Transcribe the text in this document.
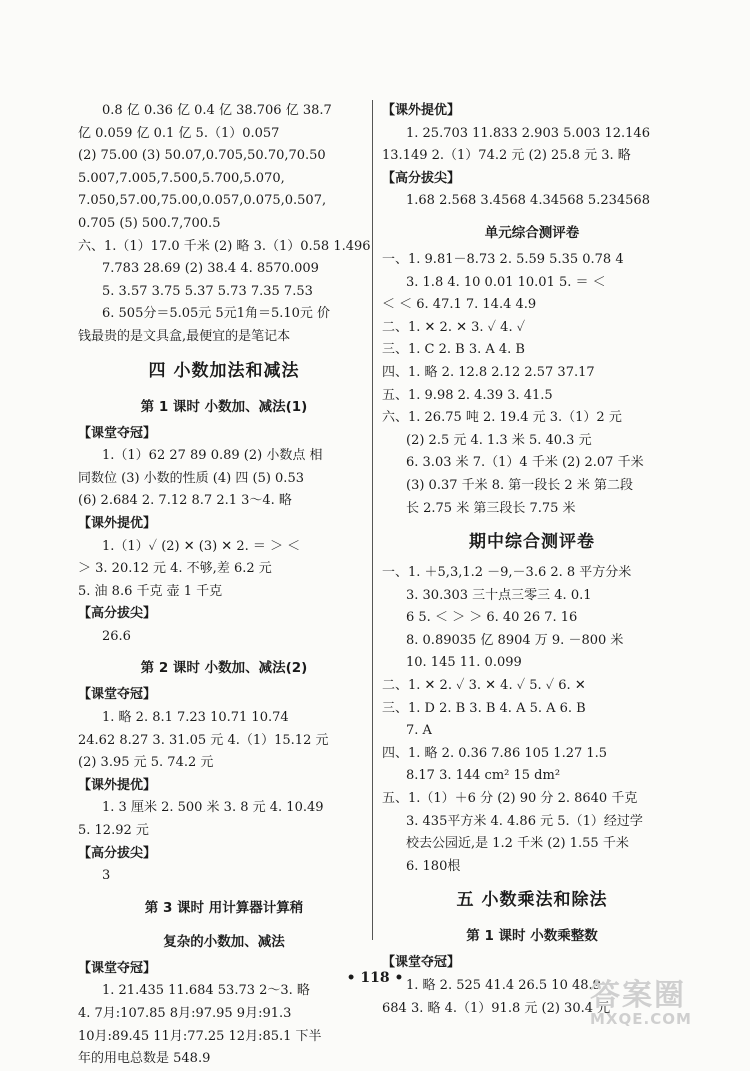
0.8 亿 0.36 亿 0.4 亿 38.706 亿 38.7
亿 0.059 亿 0.1 亿 5.（1）0.057
(2) 75.00 (3) 50.07,0.705,50.70,70.50
5.007,7.005,7.500,5.700,5.070,
7.050,57.00,75.00,0.057,0.075,0.507,
0.705 (5) 500.7,700.5
六、1.（1）17.0 千米 (2) 略 3.（1）0.58 1.496
7.783 28.69 (2) 38.4 4. 8570.009
5. 3.57 3.75 5.37 5.73 7.35 7.53
6. 505分＝5.05元 5元1角＝5.10元 价
钱最贵的是文具盒,最便宜的是笔记本
四 小数加法和减法
第 1 课时 小数加、减法(1)
【课堂夺冠】
1.（1）62 27 89 0.89 (2) 小数点 相
同数位 (3) 小数的性质 (4) 四 (5) 0.53
(6) 2.684 2. 7.12 8.7 2.1 3～4. 略
【课外提优】
1.（1）✓ (2) ✕ (3) ✕ 2. ＝ ＞ ＜
＞ 3. 20.12 元 4. 不够,差 6.2 元
5. 油 8.6 千克 壶 1 千克
【高分拔尖】
26.6
第 2 课时 小数加、减法(2)
【课堂夺冠】
1. 略 2. 8.1 7.23 10.71 10.74
24.62 8.27 3. 31.05 元 4.（1）15.12 元
(2) 3.95 元 5. 74.2 元
【课外提优】
1. 3 厘米 2. 500 米 3. 8 元 4. 10.49
5. 12.92 元
【高分拔尖】
3
第 3 课时 用计算器计算稍
复杂的小数加、减法
【课堂夺冠】
1. 21.435 11.684 53.73 2～3. 略
4. 7月:107.85 8月:97.95 9月:91.3
10月:89.45 11月:77.25 12月:85.1 下半
年的用电总数是 548.9
【课外提优】
1. 25.703 11.833 2.903 5.003 12.146
13.149 2.（1）74.2 元 (2) 25.8 元 3. 略
【高分拔尖】
1.68 2.568 3.4568 4.34568 5.234568
单元综合测评卷
一、1. 9.81－8.73 2. 5.59 5.35 0.78 4
3. 1.8 4. 10 0.01 10.01 5. ＝ ＜
＜ ＜ 6. 47.1 7. 14.4 4.9
二、1. ✕ 2. ✕ 3. ✓ 4. ✓
三、1. C 2. B 3. A 4. B
四、1. 略 2. 12.8 2.12 2.57 37.17
五、1. 9.98 2. 4.39 3. 41.5
六、1. 26.75 吨 2. 19.4 元 3.（1）2 元
(2) 2.5 元 4. 1.3 米 5. 40.3 元
6. 3.03 米 7.（1）4 千米 (2) 2.07 千米
(3) 0.37 千米 8. 第一段长 2 米 第二段
长 2.75 米 第三段长 7.75 米
期中综合测评卷
一、1. ＋5,3,1.2 －9,－3.6 2. 8 平方分米
3. 30.303 三十点三零三 4. 0.1
6 5. ＜ ＞ ＞ 6. 40 26 7. 16
8. 0.89035 亿 8904 万 9. －800 米
10. 145 11. 0.099
二、1. ✕ 2. ✓ 3. ✕ 4. ✓ 5. ✓ 6. ✕
三、1. D 2. B 3. B 4. A 5. A 6. B
7. A
四、1. 略 2. 0.36 7.86 105 1.27 1.5
8.17 3. 144 cm² 15 dm²
五、1.（1）＋6 分 (2) 90 分 2. 8640 千克
3. 435平方米 4. 4.86 元 5.（1）经过学
校去公园近,是 1.2 千米 (2) 1.55 千米
6. 180根
五 小数乘法和除法
第 1 课时 小数乘整数
【课堂夺冠】
1. 略 2. 525 41.4 26.5 10 48.9
684 3. 略 4.（1）91.8 元 (2) 30.4 元
• 118 •	答案圈
MXQE.COM
